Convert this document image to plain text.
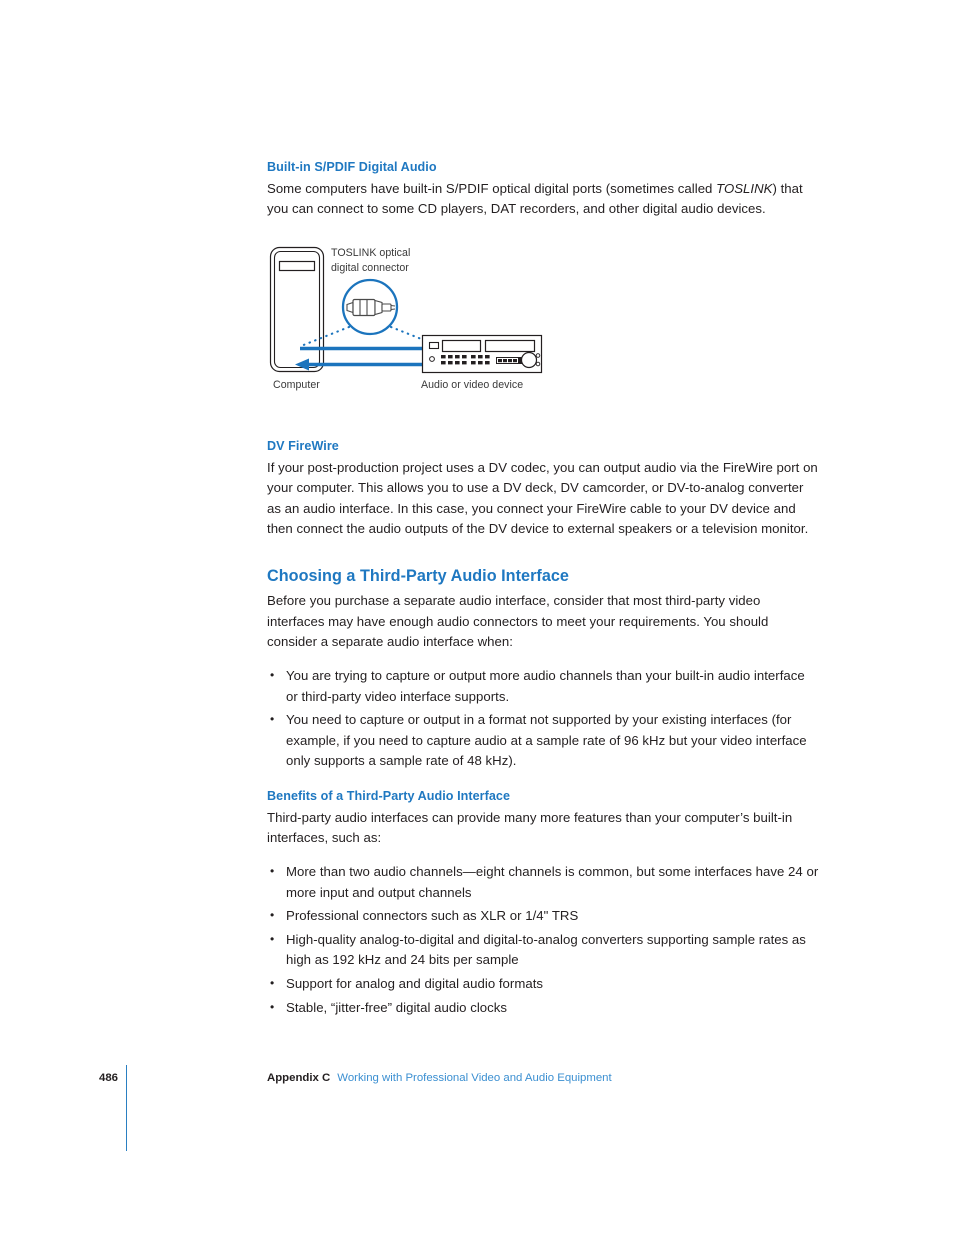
Built-in S/PDIF Digital Audio

Some computers have built-in S/PDIF optical digital ports (sometimes called TOSLINK) that you can connect to some CD players, DAT recorders, and other digital audio devices.

DV FireWire

If your post-production project uses a DV codec, you can output audio via the FireWire port on your computer. This allows you to use a DV deck, DV camcorder, or DV-to-analog converter as an audio interface. In this case, you connect your FireWire cable to your DV device and then connect the audio outputs of the DV device to external speakers or a television monitor.

Choosing a Third-Party Audio Interface

Before you purchase a separate audio interface, consider that most third-party video interfaces may have enough audio connectors to meet your requirements. You should consider a separate audio interface when:

• You are trying to capture or output more audio channels than your built-in audio interface or third-party video interface supports.
• You need to capture or output in a format not supported by your existing interfaces (for example, if you need to capture audio at a sample rate of 96 kHz but your video interface only supports a sample rate of 48 kHz).
Benefits of a Third-Party Audio Interface

Third-party audio interfaces can provide many more features than your computer’s built-in interfaces, such as:

• More than two audio channels—eight channels is common, but some interfaces have 24 or more input and output channels
• Professional connectors such as XLR or 1/4" TRS
• High-quality analog-to-digital and digital-to-analog converters supporting sample rates as high as 192 kHz and 24 bits per sample
• Support for analog and digital audio formats
• Stable, “jitter-free” digital audio clocks
TOSLINK optical
digital connector
Computer	Audio or video device
486	Appendix C Working with Professional Video and Audio Equipment
